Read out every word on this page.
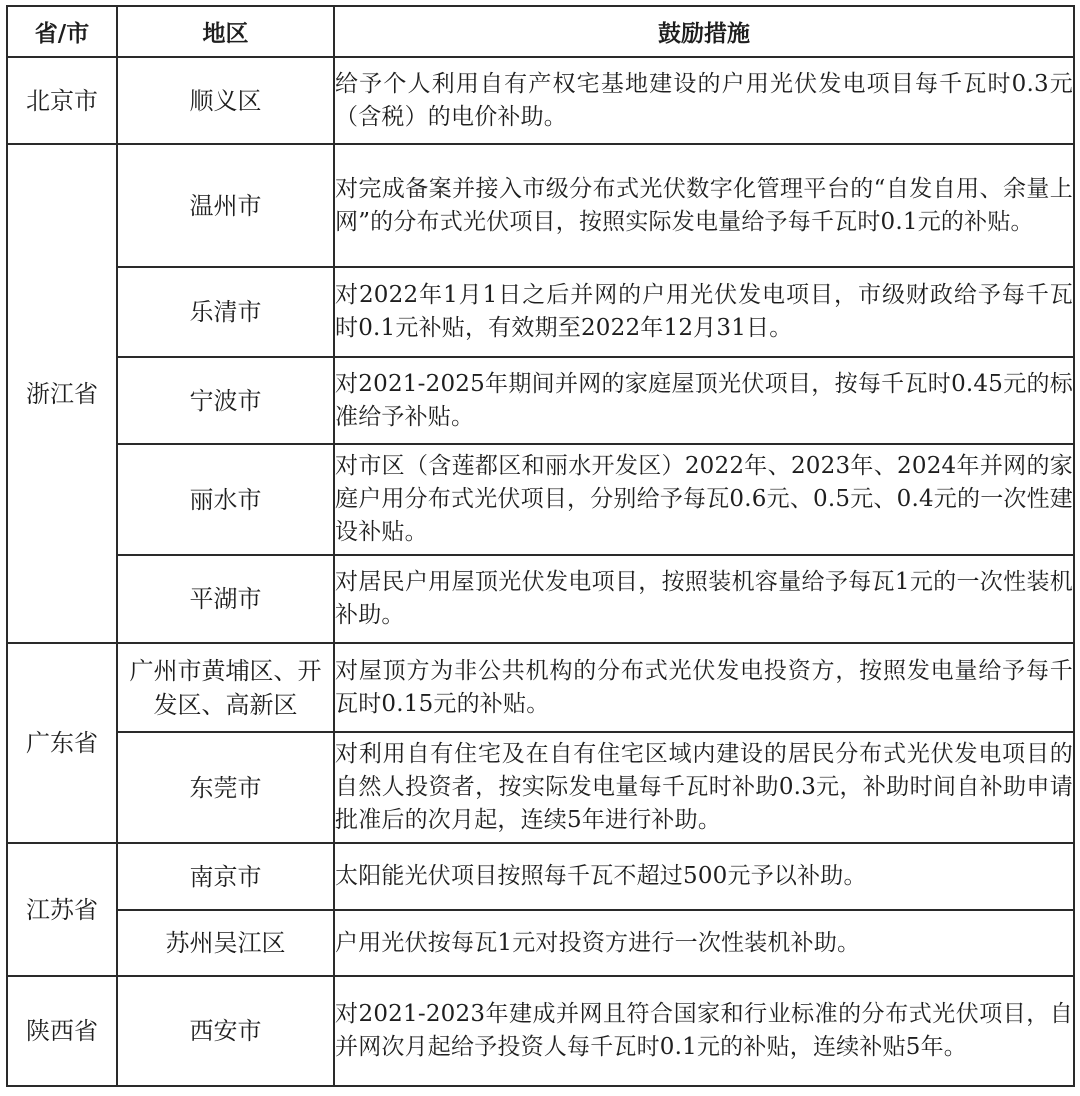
省/市	地区	鼓励措施
北京市	顺义区	给予个人利用自有产权宅基地建设的户用光伏发电项目每千瓦时0.3元（含税）的电价补助。
浙江省	温州市	对完成备案并接入市级分布式光伏数字化管理平台的“自发自用、余量上网”的分布式光伏项目，按照实际发电量给予每千瓦时0.1元的补贴。
	乐清市	对2022年1月1日之后并网的户用光伏发电项目，市级财政给予每千瓦时0.1元补贴，有效期至2022年12月31日。
	宁波市	对2021-2025年期间并网的家庭屋顶光伏项目，按每千瓦时0.45元的标准给予补贴。
	丽水市	对市区（含莲都区和丽水开发区）2022年、2023年、2024年并网的家庭户用分布式光伏项目，分别给予每瓦0.6元、0.5元、0.4元的一次性建设补贴。
	平湖市	对居民户用屋顶光伏发电项目，按照装机容量给予每瓦1元的一次性装机补助。
广东省	广州市黄埔区、开发区、高新区	对屋顶方为非公共机构的分布式光伏发电投资方，按照发电量给予每千瓦时0.15元的补贴。
	东莞市	对利用自有住宅及在自有住宅区域内建设的居民分布式光伏发电项目的自然人投资者，按实际发电量每千瓦时补助0.3元，补助时间自补助申请批准后的次月起，连续5年进行补助。
江苏省	南京市	太阳能光伏项目按照每千瓦不超过500元予以补助。
	苏州吴江区	户用光伏按每瓦1元对投资方进行一次性装机补助。
陕西省	西安市	对2021-2023年建成并网且符合国家和行业标准的分布式光伏项目，自并网次月起给予投资人每千瓦时0.1元的补贴，连续补贴5年。
